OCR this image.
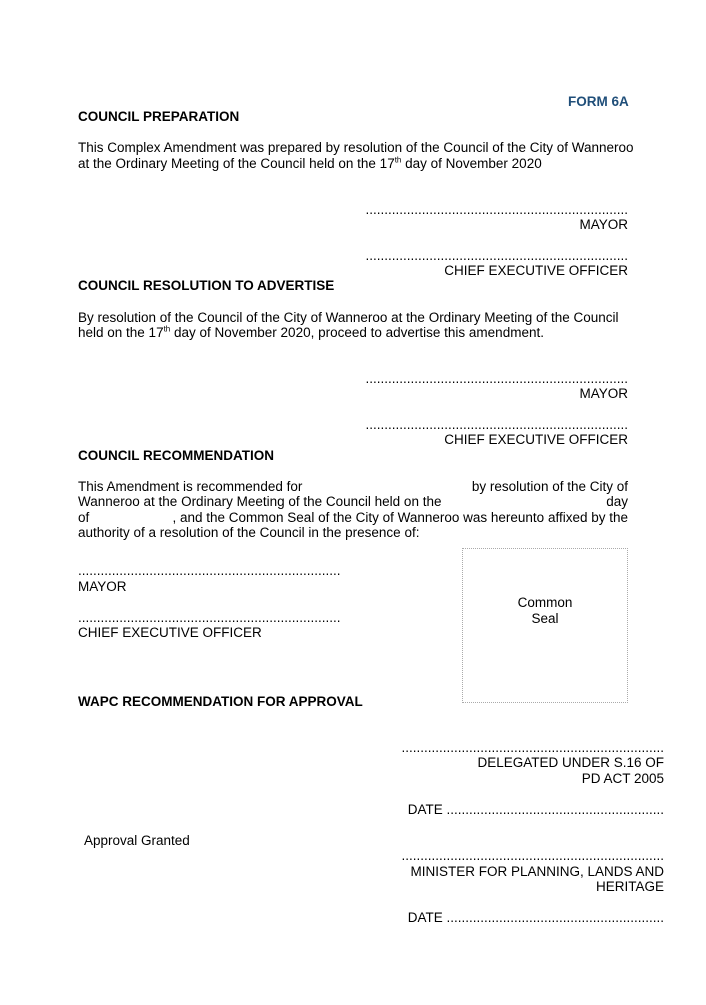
FORM 6A
COUNCIL PREPARATION
This Complex Amendment was prepared by resolution of the Council of the City of Wanneroo
at the Ordinary Meeting of the Council held on the 17th day of November 2020
......................................................................
MAYOR
......................................................................
CHIEF EXECUTIVE OFFICER
COUNCIL RESOLUTION TO ADVERTISE
By resolution of the Council of the City of Wanneroo at the Ordinary Meeting of the Council
held on the 17th day of November 2020, proceed to advertise this amendment.
......................................................................
MAYOR
......................................................................
CHIEF EXECUTIVE OFFICER
COUNCIL RECOMMENDATION
This Amendment is recommended for	by resolution of the City of
Wanneroo at the Ordinary Meeting of the Council held on the	day
of	, and the Common Seal of the City of Wanneroo was hereunto affixed by the
authority of a resolution of the Council in the presence of:
......................................................................
MAYOR
......................................................................
CHIEF EXECUTIVE OFFICER
Common
Seal
WAPC RECOMMENDATION FOR APPROVAL
......................................................................
DELEGATED UNDER S.16 OF
PD ACT 2005
DATE ..........................................................
Approval Granted
......................................................................
MINISTER FOR PLANNING, LANDS AND
HERITAGE
DATE ..........................................................
